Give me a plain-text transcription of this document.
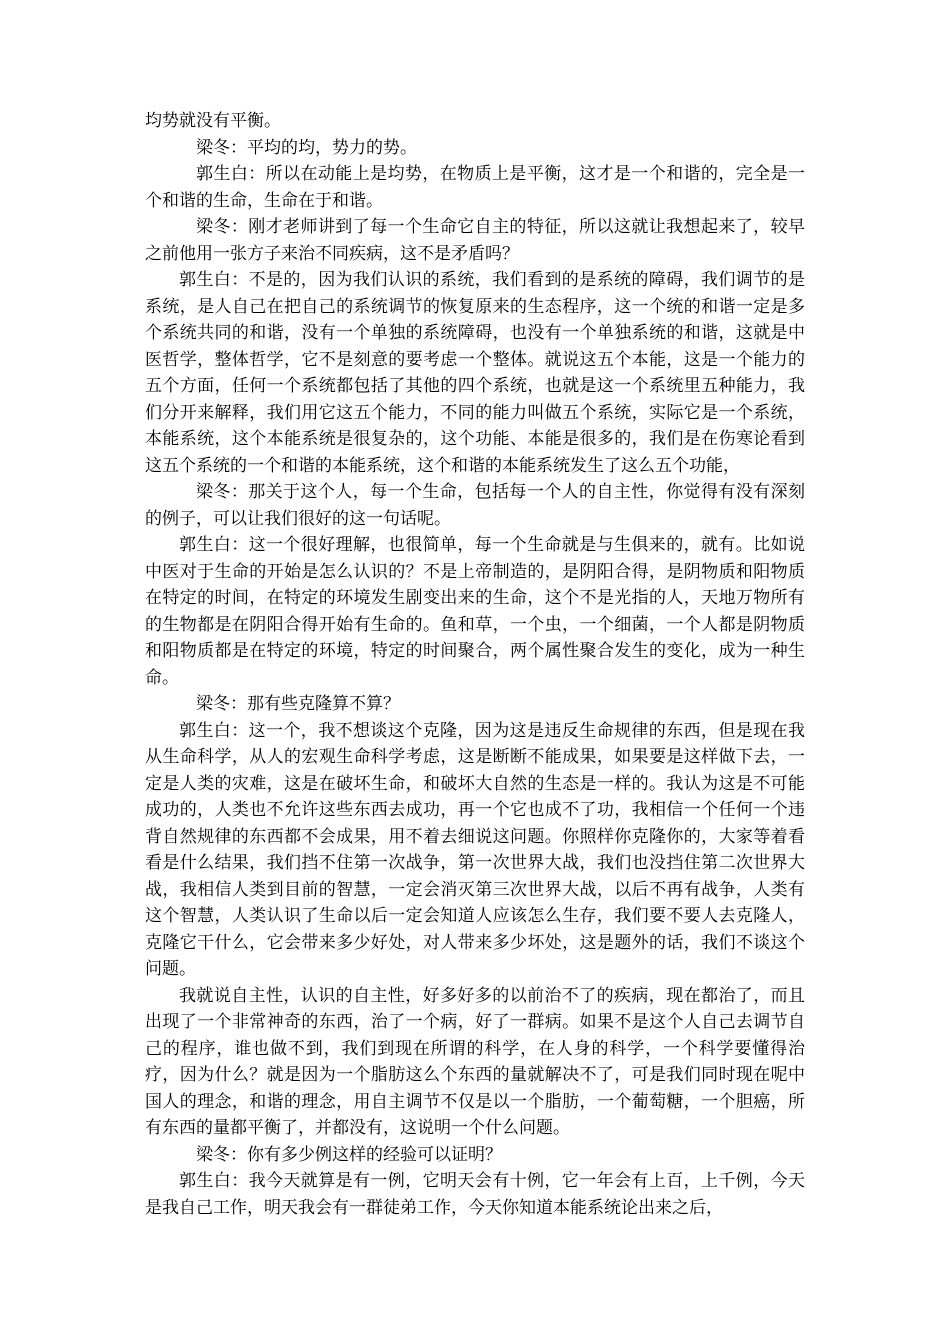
均势就没有平衡。

梁冬：平均的均，势力的势。

郭生白：所以在动能上是均势，在物质上是平衡，这才是一个和谐的，完全是一个和谐的生命，生命在于和谐。

梁冬：刚才老师讲到了每一个生命它自主的特征，所以这就让我想起来了，较早之前他用一张方子来治不同疾病，这不是矛盾吗？

郭生白：不是的，因为我们认识的系统，我们看到的是系统的障碍，我们调节的是系统，是人自己在把自己的系统调节的恢复原来的生态程序，这一个统的和谐一定是多个系统共同的和谐，没有一个单独的系统障碍，也没有一个单独系统的和谐，这就是中医哲学，整体哲学，它不是刻意的要考虑一个整体。就说这五个本能，这是一个能力的五个方面，任何一个系统都包括了其他的四个系统，也就是这一个系统里五种能力，我们分开来解释，我们用它这五个能力，不同的能力叫做五个系统，实际它是一个系统，本能系统，这个本能系统是很复杂的，这个功能、本能是很多的，我们是在伤寒论看到这五个系统的一个和谐的本能系统，这个和谐的本能系统发生了这么五个功能，

梁冬：那关于这个人，每一个生命，包括每一个人的自主性，你觉得有没有深刻的例子，可以让我们很好的这一句话呢。

郭生白：这一个很好理解，也很简单，每一个生命就是与生俱来的，就有。比如说中医对于生命的开始是怎么认识的？不是上帝制造的，是阴阳合得，是阴物质和阳物质在特定的时间，在特定的环境发生剧变出来的生命，这个不是光指的人，天地万物所有的生物都是在阴阳合得开始有生命的。鱼和草，一个虫，一个细菌，一个人都是阴物质和阳物质都是在特定的环境，特定的时间聚合，两个属性聚合发生的变化，成为一种生命。

梁冬：那有些克隆算不算？

郭生白：这一个，我不想谈这个克隆，因为这是违反生命规律的东西，但是现在我从生命科学，从人的宏观生命科学考虑，这是断断不能成果，如果要是这样做下去，一定是人类的灾难，这是在破坏生命，和破坏大自然的生态是一样的。我认为这是不可能成功的，人类也不允许这些东西去成功，再一个它也成不了功，我相信一个任何一个违背自然规律的东西都不会成果，用不着去细说这问题。你照样你克隆你的，大家等着看看是什么结果，我们挡不住第一次战争，第一次世界大战，我们也没挡住第二次世界大战，我相信人类到目前的智慧，一定会消灭第三次世界大战，以后不再有战争，人类有这个智慧，人类认识了生命以后一定会知道人应该怎么生存，我们要不要人去克隆人，克隆它干什么，它会带来多少好处，对人带来多少坏处，这是题外的话，我们不谈这个问题。

我就说自主性，认识的自主性，好多好多的以前治不了的疾病，现在都治了，而且出现了一个非常神奇的东西，治了一个病，好了一群病。如果不是这个人自己去调节自己的程序，谁也做不到，我们到现在所谓的科学，在人身的科学，一个科学要懂得治疗，因为什么？就是因为一个脂肪这么个东西的量就解决不了，可是我们同时现在呢中国人的理念，和谐的理念，用自主调节不仅是以一个脂肪，一个葡萄糖，一个胆癌，所有东西的量都平衡了，并都没有，这说明一个什么问题。

梁冬：你有多少例这样的经验可以证明？

郭生白：我今天就算是有一例，它明天会有十例，它一年会有上百，上千例，今天是我自己工作，明天我会有一群徒弟工作，今天你知道本能系统论出来之后，
